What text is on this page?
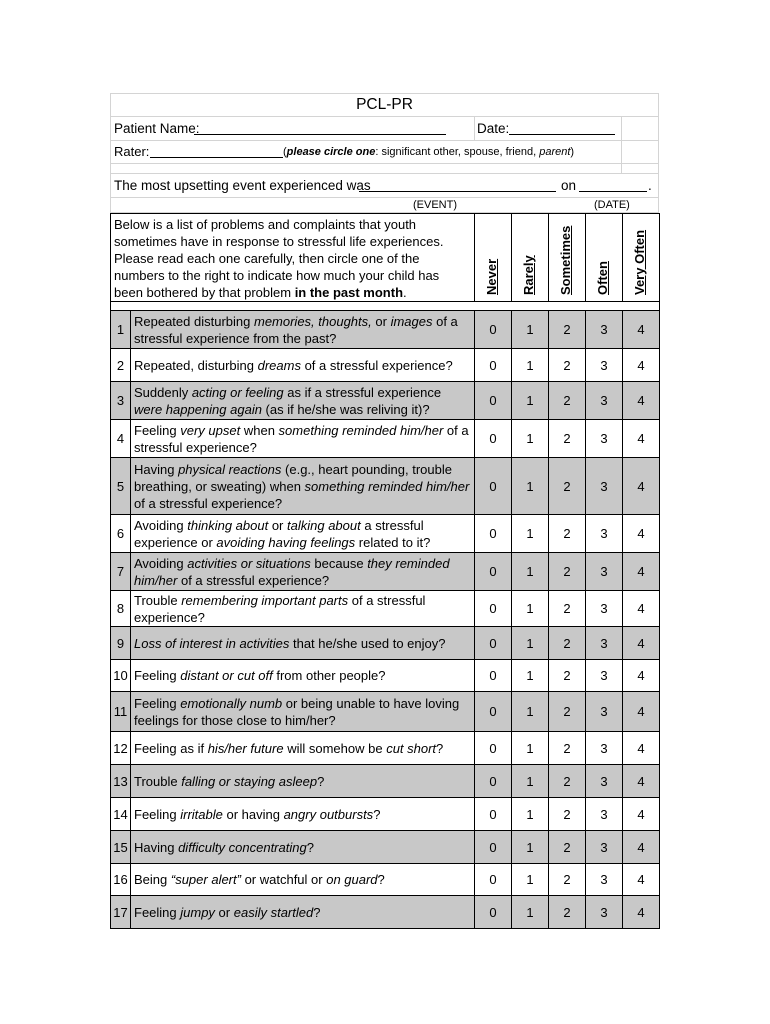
PCL-PR
Patient Name:	Date:
Rater:	(please circle one: significant other, spouse, friend, parent)
The most upsetting event experienced was	on	.
(EVENT)	(DATE)
Below is a list of problems and complaints that youth sometimes have in response to stressful life experiences. Please read each one carefully, then circle one of the numbers to the right to indicate how much your child has been bothered by that problem in the past month.		Never	Rarely	Sometimes	Often	Very Often

1	Repeated disturbing memories, thoughts, or images of a stressful experience from the past?	0	1	2	3	4
2	Repeated, disturbing dreams of a stressful experience?	0	1	2	3	4
3	Suddenly acting or feeling as if a stressful experience were happening again (as if he/she was reliving it)?	0	1	2	3	4
4	Feeling very upset when something reminded him/her of a stressful experience?	0	1	2	3	4
5	Having physical reactions (e.g., heart pounding, trouble breathing, or sweating) when something reminded him/her of a stressful experience?	0	1	2	3	4
6	Avoiding thinking about or talking about a stressful experience or avoiding having feelings related to it?	0	1	2	3	4
7	Avoiding activities or situations because they reminded him/her of a stressful experience?	0	1	2	3	4
8	Trouble remembering important parts of a stressful experience?	0	1	2	3	4
9	Loss of interest in activities that he/she used to enjoy?	0	1	2	3	4
10	Feeling distant or cut off from other people?	0	1	2	3	4
11	Feeling emotionally numb or being unable to have loving feelings for those close to him/her?	0	1	2	3	4
12	Feeling as if his/her future will somehow be cut short?	0	1	2	3	4
13	Trouble falling or staying asleep?	0	1	2	3	4
14	Feeling irritable or having angry outbursts?	0	1	2	3	4
15	Having difficulty concentrating?	0	1	2	3	4
16	Being “super alert” or watchful or on guard?	0	1	2	3	4
17	Feeling jumpy or easily startled?	0	1	2	3	4
